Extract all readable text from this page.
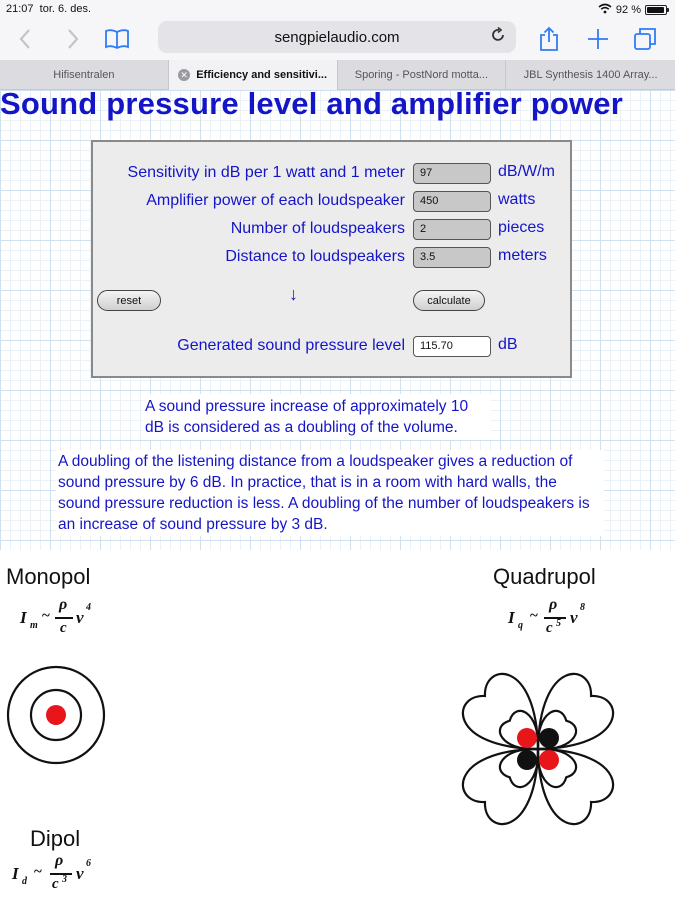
21:07 tor. 6. des.	92 %
sengpielaudio.com
Hifisentralen	✕ Efficiency and sensitivi...	Sporing - PostNord motta...	JBL Synthesis 1400 Array...
Sound pressure level and amplifier power
Sensitivity in dB per 1 watt and 1 meter	97	dB/W/m
Amplifier power of each loudspeaker	450	watts
Number of loudspeakers	2	pieces
Distance to loudspeakers	3.5	meters
reset	↓	calculate
Generated sound pressure level	115.70	dB
A sound pressure increase of approximately 10 dB is considered as a doubling of the volume.
A doubling of the listening distance from a loudspeaker gives a reduction of sound pressure by 6 dB. In practice, that is in a room with hard walls, the sound pressure reduction is less. A doubling of the number of loudspeakers is an increase of sound pressure by 3 dB.
Monopol
I m
~
ρ
c
v
4
Quadrupol
I q
~
ρ
c 5 v
8
Dipol
I d
~
ρ
c 3 v
6
